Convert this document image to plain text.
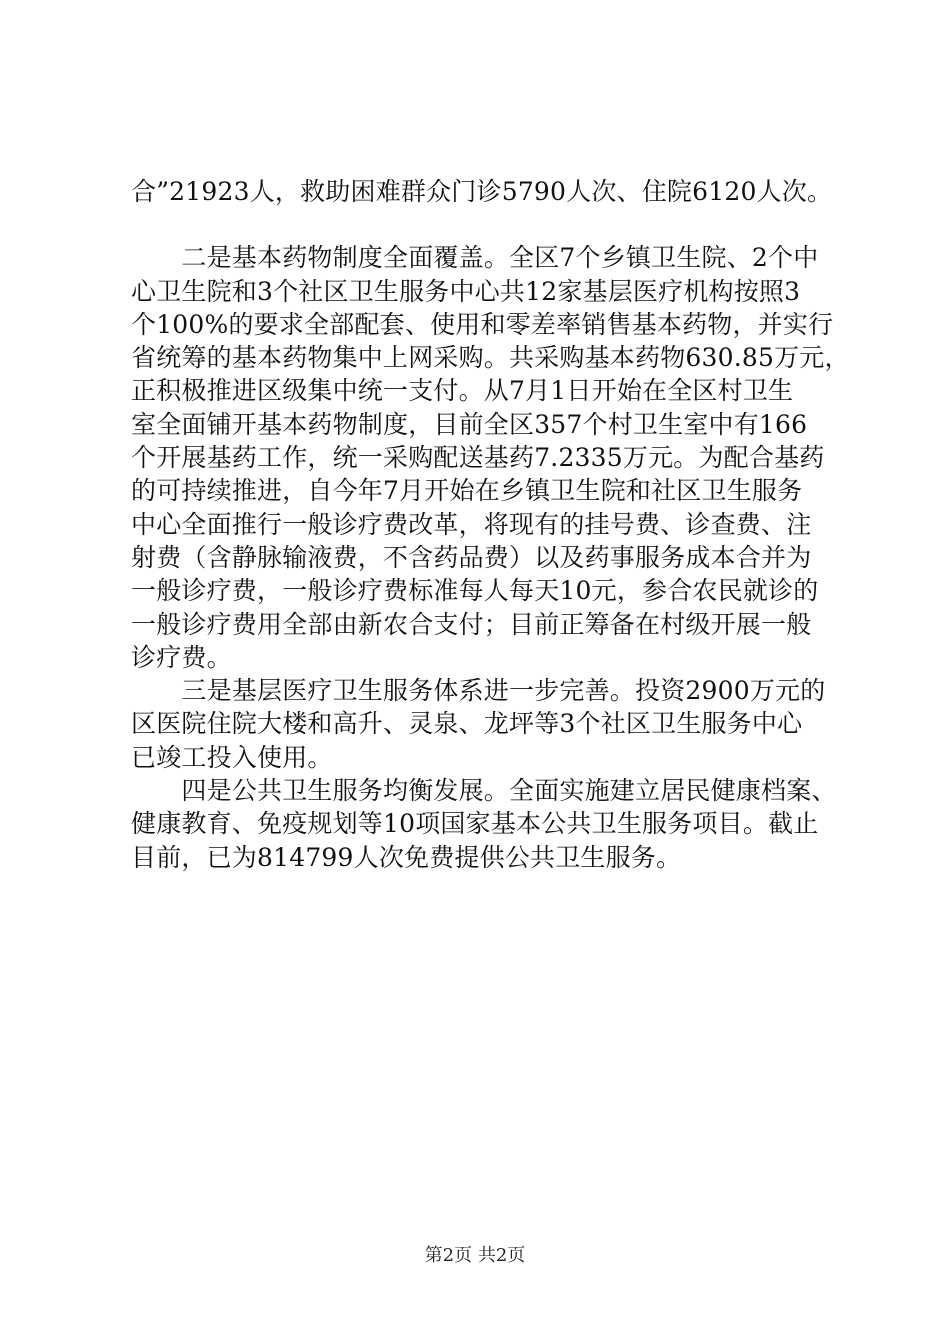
合”21923人，救助困难群众门诊5790人次、住院6120人次。
　　二是基本药物制度全面覆盖。全区7个乡镇卫生院、2个中
心卫生院和3个社区卫生服务中心共12家基层医疗机构按照3
个100%的要求全部配套、使用和零差率销售基本药物，并实行
省统筹的基本药物集中上网采购。共采购基本药物630.85万元，
正积极推进区级集中统一支付。从7月1日开始在全区村卫生
室全面铺开基本药物制度，目前全区357个村卫生室中有166
个开展基药工作，统一采购配送基药7.2335万元。为配合基药
的可持续推进，自今年7月开始在乡镇卫生院和社区卫生服务
中心全面推行一般诊疗费改革，将现有的挂号费、诊查费、注
射费（含静脉输液费，不含药品费）以及药事服务成本合并为
一般诊疗费，一般诊疗费标准每人每天10元，参合农民就诊的
一般诊疗费用全部由新农合支付；目前正筹备在村级开展一般
诊疗费。
　　三是基层医疗卫生服务体系进一步完善。投资2900万元的
区医院住院大楼和高升、灵泉、龙坪等3个社区卫生服务中心
已竣工投入使用。
　　四是公共卫生服务均衡发展。全面实施建立居民健康档案、
健康教育、免疫规划等10项国家基本公共卫生服务项目。截止
目前，已为814799人次免费提供公共卫生服务。
第2页 共2页
